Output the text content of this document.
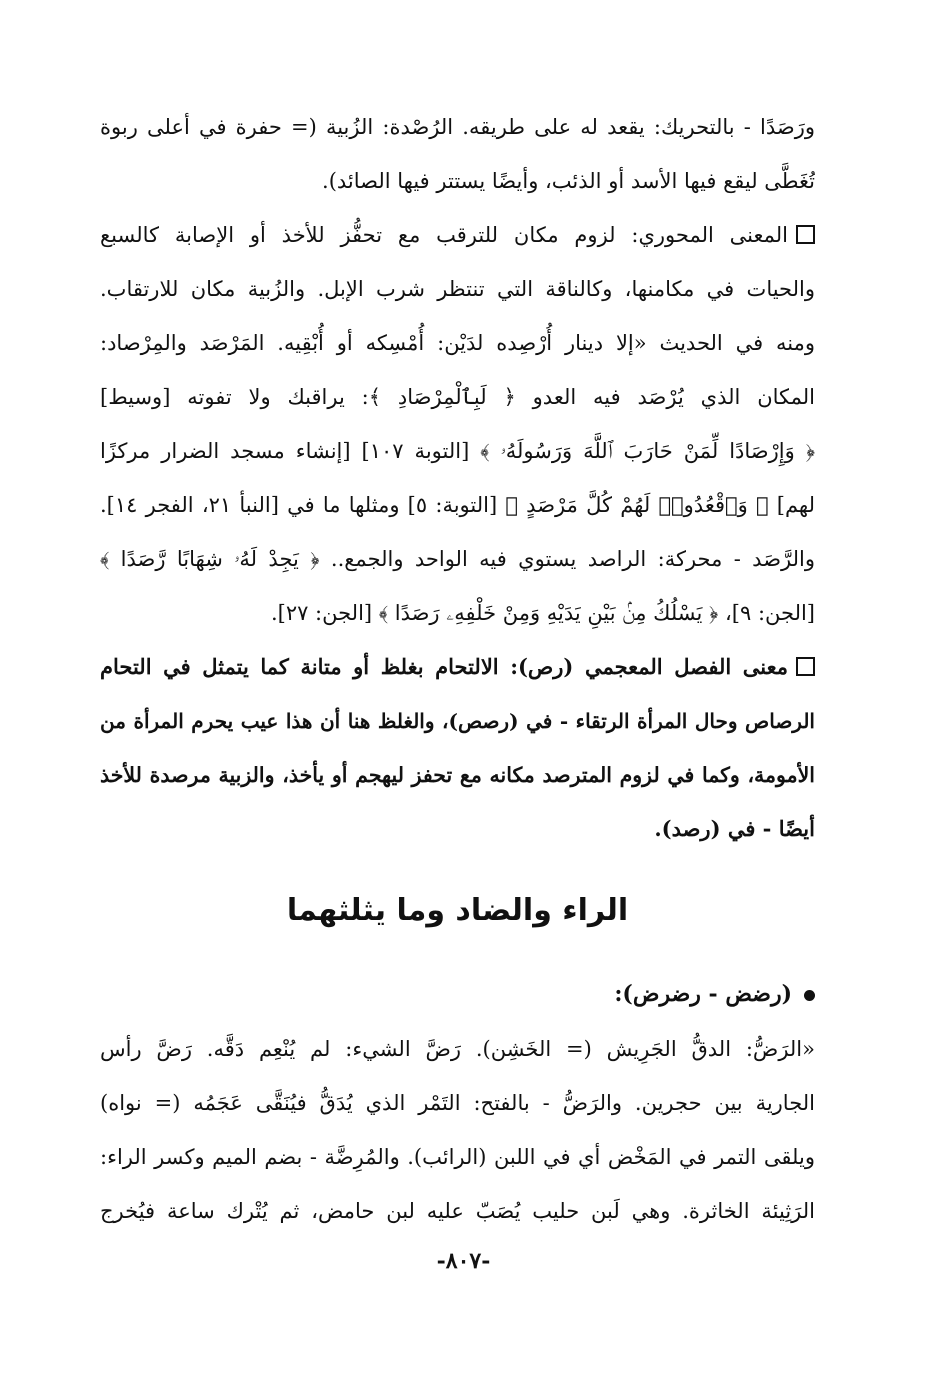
ورَصَدًا - بالتحريك: يقعد له على طريقه. الرُصْدة: الزُبية (= حفرة في أعلى ربوة
تُغَطَّى ليقع فيها الأسد أو الذئب، وأيضًا يستتر فيها الصائد).
المعنى المحوري: لزوم مكان للترقب مع تحفُّز للأخذ أو الإصابة كالسبع
والحيات في مكامنها، وكالناقة التي تنتظر شرب الإبل. والزُبية مكان للارتقاب.
ومنه في الحديث «إلا دينار أُرْصِده لدَيْن: أُمْسِكه أو أُبْقِيه. المَرْصَد والمِرْصاد:
المكان الذي يُرْصَد فيه العدو ﴿ لَبِٱلْمِرْصَادِ ﴾: يراقبك ولا تفوته [وسيط]
﴿ وَإِرْصَادًا لِّمَنْ حَارَبَ ٱللَّهَ وَرَسُولَهُۥ ﴾ [التوبة ١٠٧] [إنشاء مسجد الضرار مركزًا
لهم] ﴿ وَٱقْعُدُوا۟ لَهُمْ كُلَّ مَرْصَدٍ ﴾ [التوبة: ٥] ومثلها ما في [النبأ ٢١، الفجر ١٤].
والرَّصَد - محركة: الراصد يستوي فيه الواحد والجمع.. ﴿ يَجِدْ لَهُۥ شِهَابًا رَّصَدًا ﴾
[الجن: ٩]، ﴿ يَسْلُكُ مِنۢ بَيْنِ يَدَيْهِ وَمِنْ خَلْفِهِۦ رَصَدًا ﴾ [الجن: ٢٧].
معنى الفصل المعجمي (رص): الالتحام بغلظ أو متانة كما يتمثل في التحام
الرصاص وحال المرأة الرتقاء - في (رصص)، والغلظ هنا أن هذا عيب يحرم المرأة من
الأمومة، وكما في لزوم المترصد مكانه مع تحفز ليهجم أو يأخذ، والزبية مرصدة للأخذ
أيضًا - في (رصد).
الراء والضاد وما يثلثهما
(رضض - رضرض):
«الرَضُّ: الدقُّ الجَرِيش (= الخَشِن). رَضَّ الشيء: لم يُنْعِم دَقَّه. رَضَّ رأس
الجارية بين حجرين. والرَضُّ - بالفتح: التَمْر الذي يُدَقُّ فيُنَقَّى عَجَمُه (= نواه)
ويلقى التمر في المَخْض أي في اللبن (الرائب). والمُرِضَّة - بضم الميم وكسر الراء:
الرَثِيئة الخاثرة. وهي لَبن حليب يُصَبّ عليه لبن حامض، ثم يُتْرك ساعة فيُخرج
-٨٠٧-
